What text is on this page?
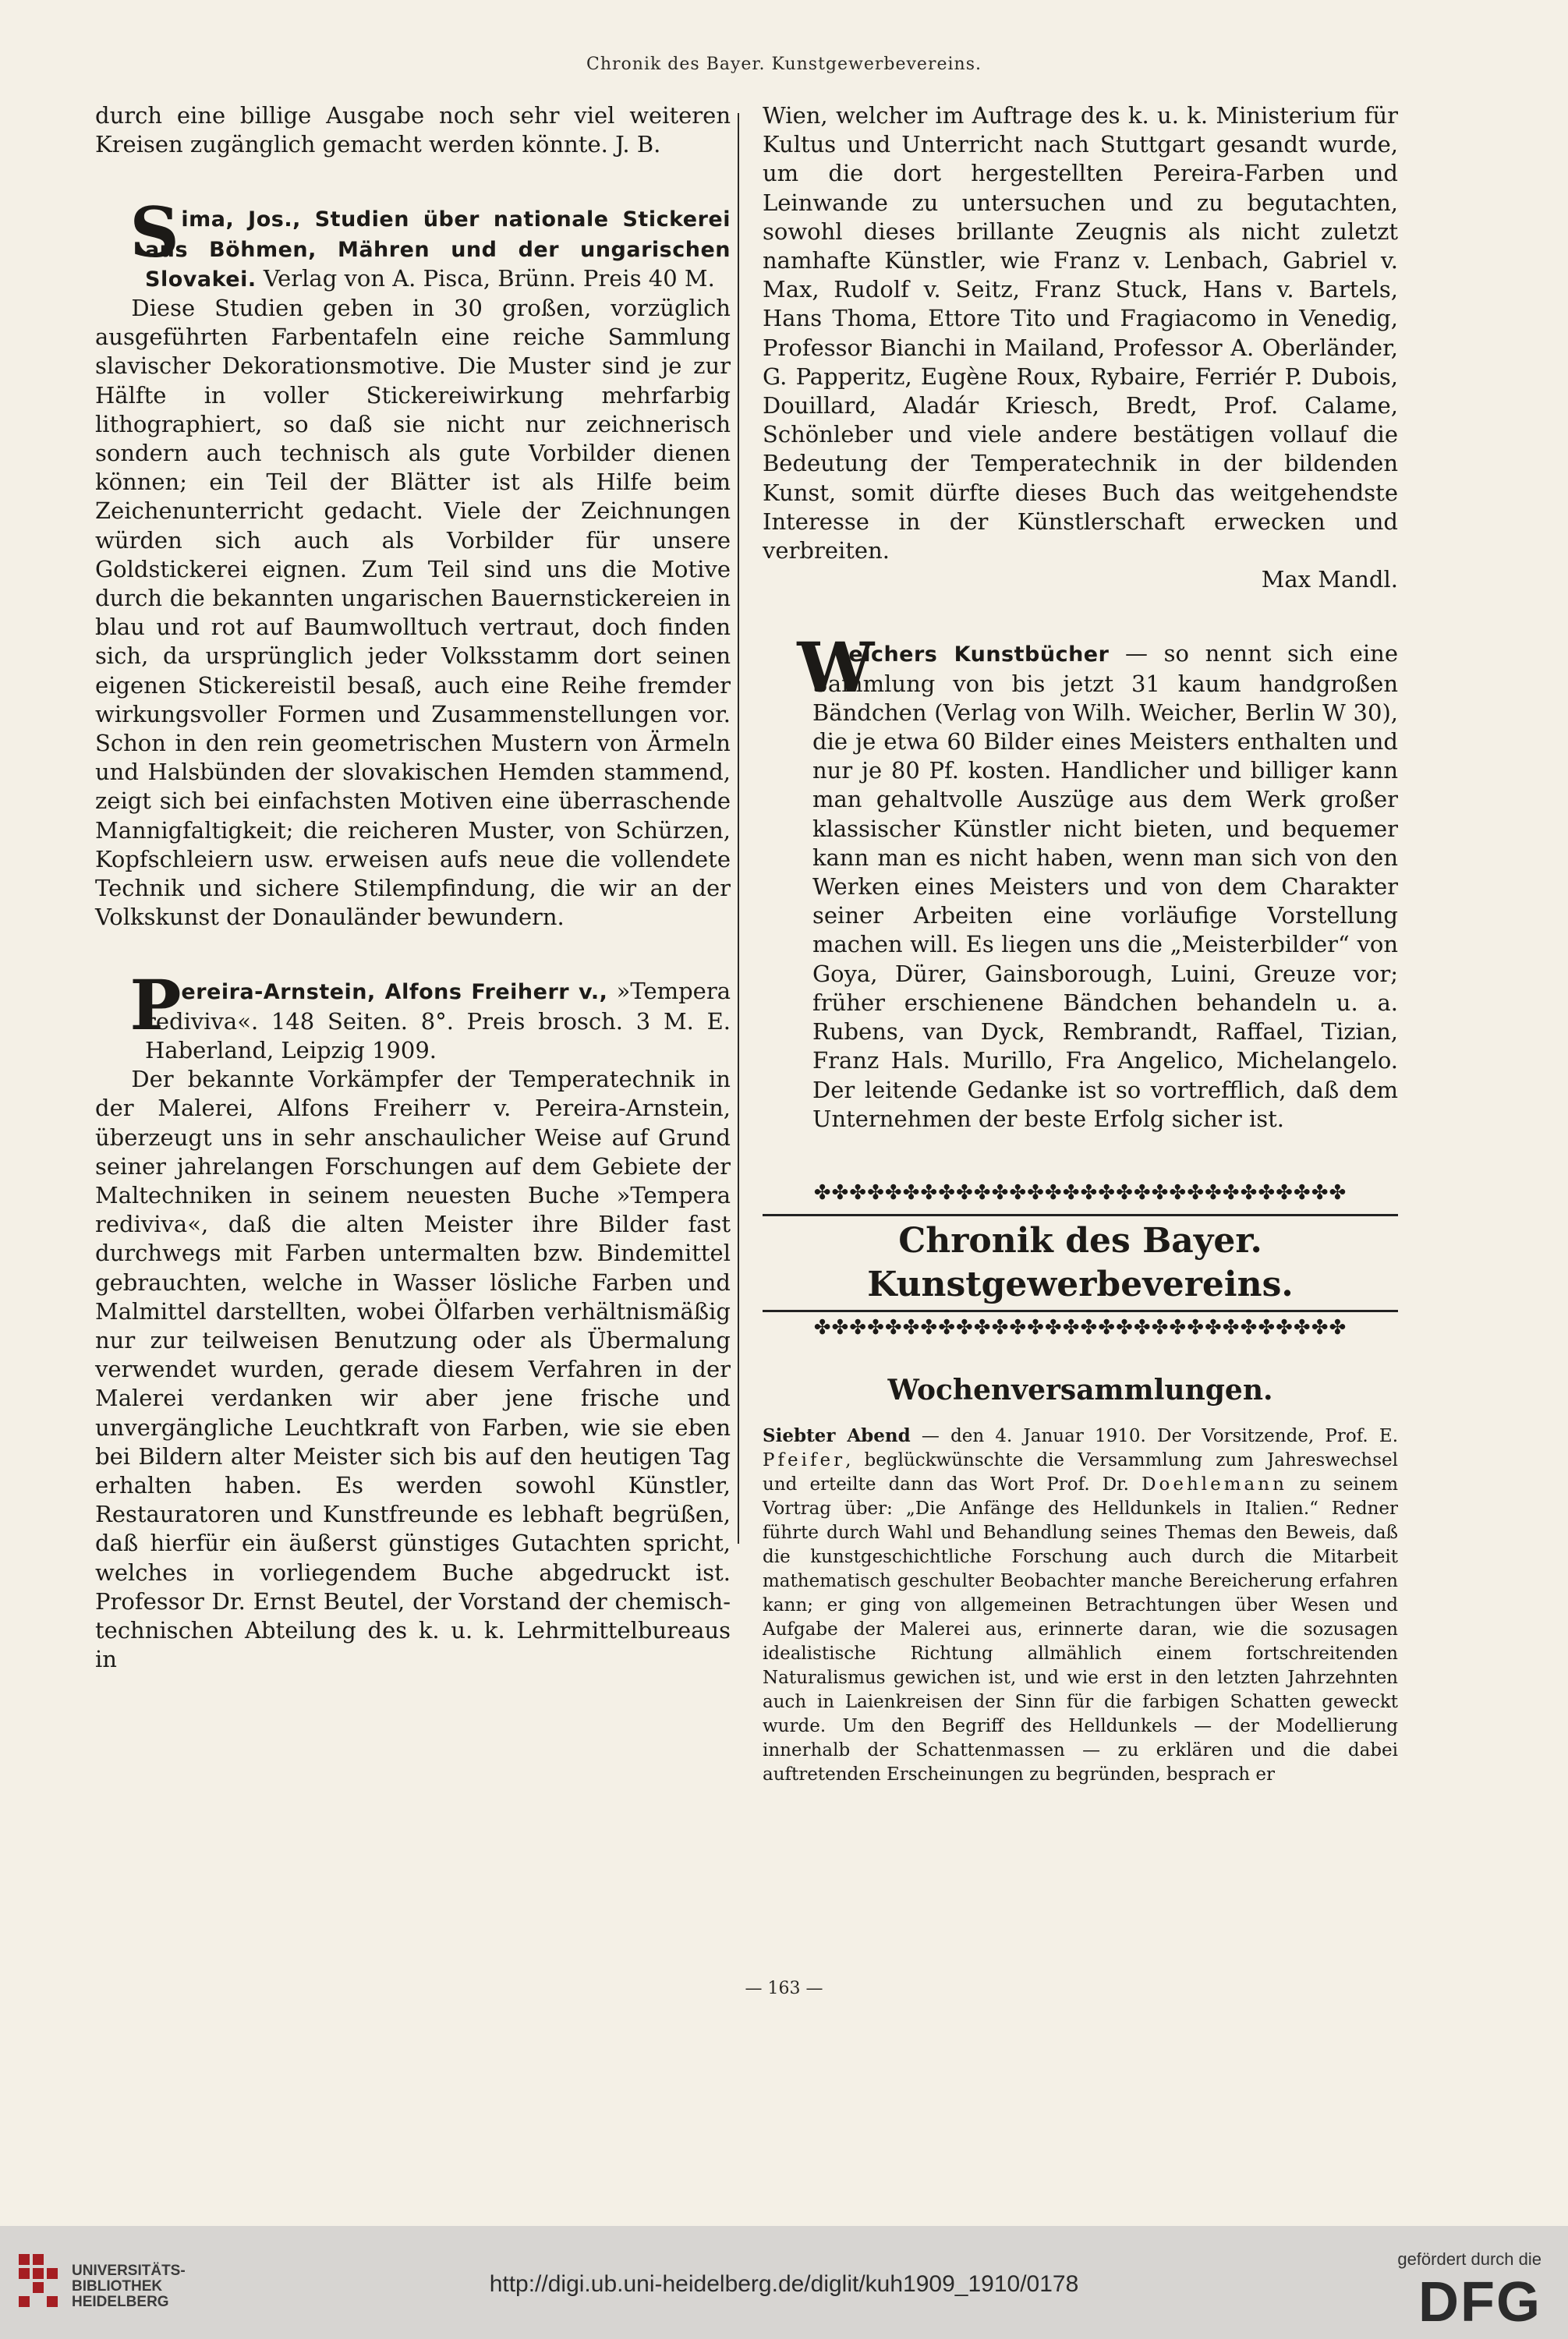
Chronik des Bayer. Kunstgewerbevereins.

durch eine billige Ausgabe noch sehr viel weiteren Kreisen zugänglich gemacht werden könnte. J. B.

S ima, Jos., Studien über nationale Stickerei aus Böhmen, Mähren und der ungarischen Slovakei. Verlag von A. Pisca, Brünn. Preis 40 M.

Diese Studien geben in 30 großen, vorzüglich ausgeführten Farbentafeln eine reiche Sammlung slavischer Dekorationsmotive. Die Muster sind je zur Hälfte in voller Stickereiwirkung mehrfarbig lithographiert, so daß sie nicht nur zeichnerisch sondern auch technisch als gute Vorbilder dienen können; ein Teil der Blätter ist als Hilfe beim Zeichenunterricht gedacht. Viele der Zeichnungen würden sich auch als Vorbilder für unsere Goldstickerei eignen. Zum Teil sind uns die Motive durch die bekannten ungarischen Bauernstickereien in blau und rot auf Baumwolltuch vertraut, doch finden sich, da ursprünglich jeder Volksstamm dort seinen eigenen Stickereistil besaß, auch eine Reihe fremder wirkungsvoller Formen und Zusammenstellungen vor. Schon in den rein geometrischen Mustern von Ärmeln und Halsbünden der slovakischen Hemden stammend, zeigt sich bei einfachsten Motiven eine überraschende Mannigfaltigkeit; die reicheren Muster, von Schürzen, Kopfschleiern usw. erweisen aufs neue die vollendete Technik und sichere Stilempfindung, die wir an der Volkskunst der Donauländer bewundern.

P ereira-Arnstein, Alfons Freiherr v., »Tempera rediviva«. 148 Seiten. 8°. Preis brosch. 3 M. E. Haberland, Leipzig 1909.

Der bekannte Vorkämpfer der Temperatechnik in der Malerei, Alfons Freiherr v. Pereira-Arnstein, überzeugt uns in sehr anschaulicher Weise auf Grund seiner jahrelangen Forschungen auf dem Gebiete der Maltechniken in seinem neuesten Buche »Tempera rediviva«, daß die alten Meister ihre Bilder fast durchwegs mit Farben untermalten bzw. Bindemittel gebrauchten, welche in Wasser lösliche Farben und Malmittel darstellten, wobei Ölfarben verhältnismäßig nur zur teilweisen Benutzung oder als Übermalung verwendet wurden, gerade diesem Verfahren in der Malerei verdanken wir aber jene frische und unvergängliche Leuchtkraft von Farben, wie sie eben bei Bildern alter Meister sich bis auf den heutigen Tag erhalten haben. Es werden sowohl Künstler, Restauratoren und Kunstfreunde es lebhaft begrüßen, daß hierfür ein äußerst günstiges Gutachten spricht, welches in vorliegendem Buche abgedruckt ist. Professor Dr. Ernst Beutel, der Vorstand der chemisch-technischen Abteilung des k. u. k. Lehrmittelbureaus in

Wien, welcher im Auftrage des k. u. k. Ministerium für Kultus und Unterricht nach Stuttgart gesandt wurde, um die dort hergestellten Pereira-Farben und Leinwande zu untersuchen und zu begutachten, sowohl dieses brillante Zeugnis als nicht zuletzt namhafte Künstler, wie Franz v. Lenbach, Gabriel v. Max, Rudolf v. Seitz, Franz Stuck, Hans v. Bartels, Hans Thoma, Ettore Tito und Fragiacomo in Venedig, Professor Bianchi in Mailand, Professor A. Oberländer, G. Papperitz, Eugène Roux, Rybaire, Ferriér P. Dubois, Douillard, Aladár Kriesch, Bredt, Prof. Calame, Schönleber und viele andere bestätigen vollauf die Bedeutung der Temperatechnik in der bildenden Kunst, somit dürfte dieses Buch das weitgehendste Interesse in der Künstlerschaft erwecken und verbreiten.

Max Mandl.

W
eichers Kunstbücher — so nennt sich eine Sammlung von bis jetzt 31 kaum handgroßen Bändchen (Verlag von Wilh. Weicher, Berlin W 30), die je etwa 60 Bilder eines Meisters enthalten und nur je 80 Pf. kosten. Handlicher und billiger kann man gehaltvolle Auszüge aus dem Werk großer klassischer Künstler nicht bieten, und bequemer kann man es nicht haben, wenn man sich von den Werken eines Meisters und von dem Charakter seiner Arbeiten eine vorläufige Vorstellung machen will. Es liegen uns die „Meisterbilder“ von Goya, Dürer, Gainsborough, Luini, Greuze vor; früher erschienene Bändchen behandeln u. a. Rubens, van Dyck, Rembrandt, Raffael, Tizian, Franz Hals. Murillo, Fra Angelico, Michelangelo. Der leitende Gedanke ist so vortrefflich, daß dem Unternehmen der beste Erfolg sicher ist.

✤✤✤✤✤✤✤✤✤✤✤✤✤✤✤✤✤✤✤✤✤✤✤✤✤✤✤✤✤✤
Chronik des Bayer. Kunstgewerbevereins.
✤✤✤✤✤✤✤✤✤✤✤✤✤✤✤✤✤✤✤✤✤✤✤✤✤✤✤✤✤✤
Wochenversammlungen.

Siebter Abend — den 4. Januar 1910. Der Vorsitzende, Prof. E. Pfeifer, beglückwünschte die Versammlung zum Jahreswechsel und erteilte dann das Wort Prof. Dr. Doehlemann zu seinem Vortrag über: „Die Anfänge des Helldunkels in Italien.“ Redner führte durch Wahl und Behandlung seines Themas den Beweis, daß die kunstgeschichtliche Forschung auch durch die Mitarbeit mathematisch geschulter Beobachter manche Bereicherung erfahren kann; er ging von allgemeinen Betrachtungen über Wesen und Aufgabe der Malerei aus, erinnerte daran, wie die sozusagen idealistische Richtung allmählich einem fortschreitenden Naturalismus gewichen ist, und wie erst in den letzten Jahrzehnten auch in Laienkreisen der Sinn für die farbigen Schatten geweckt wurde. Um den Begriff des Helldunkels — der Modellierung innerhalb der Schattenmassen — zu erklären und die dabei auftretenden Erscheinungen zu begründen, besprach er

— 163 —
UNIVERSITÄTS-
BIBLIOTHEK
HEIDELBERG
http://digi.ub.uni-heidelberg.de/diglit/kuh1909_1910/0178
gefördert durch die
DFG
